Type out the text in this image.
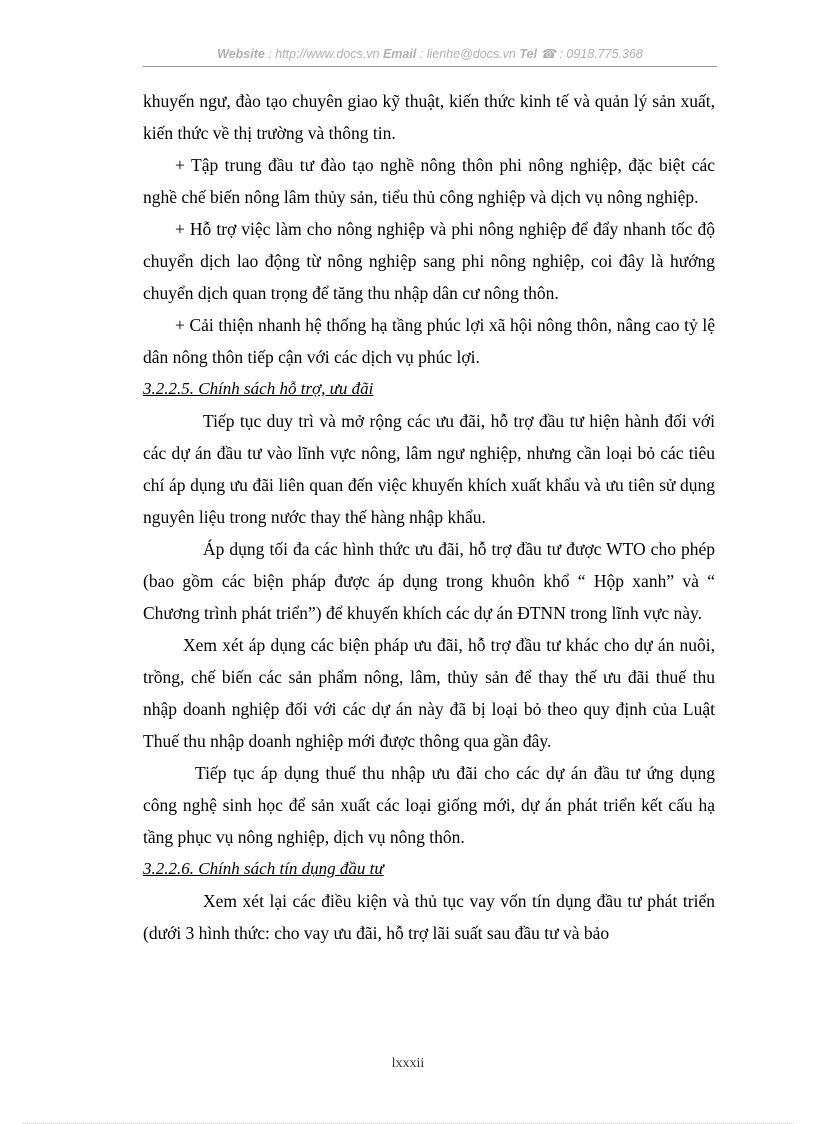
Website : http://www.docs.vn Email : lienhe@docs.vn Tel ☎ : 0918.775.368

khuyến ngư, đào tạo chuyên giao kỹ thuật, kiến thức kinh tế và quản lý sản xuất, kiến thức về thị trường và thông tin.

+ Tập trung đầu tư đào tạo nghề nông thôn phi nông nghiệp, đặc biệt các nghề chế biến nông lâm thủy sản, tiểu thủ công nghiệp và dịch vụ nông nghiệp.

+ Hỗ trợ việc làm cho nông nghiệp và phi nông nghiệp để đẩy nhanh tốc độ chuyển dịch lao động từ nông nghiệp sang phi nông nghiệp, coi đây là hướng chuyển dịch quan trọng để tăng thu nhập dân cư nông thôn.

+ Cải thiện nhanh hệ thống hạ tầng phúc lợi xã hội nông thôn, nâng cao tỷ lệ dân nông thôn tiếp cận với các dịch vụ phúc lợi.

3.2.2.5. Chính sách hỗ trợ, ưu đãi

Tiếp tục duy trì và mở rộng các ưu đãi, hỗ trợ đầu tư hiện hành đối với các dự án đầu tư vào lĩnh vực nông, lâm ngư nghiệp, nhưng cần loại bỏ các tiêu chí áp dụng ưu đãi liên quan đến việc khuyến khích xuất khẩu và ưu tiên sử dụng nguyên liệu trong nước thay thế hàng nhập khẩu.

Áp dụng tối đa các hình thức ưu đãi, hỗ trợ đầu tư được WTO cho phép (bao gồm các biện pháp được áp dụng trong khuôn khổ “ Hộp xanh” và “ Chương trình phát triển”) để khuyến khích các dự án ĐTNN trong lĩnh vực này.

Xem xét áp dụng các biện pháp ưu đãi, hỗ trợ đầu tư khác cho dự án nuôi, trồng, chế biến các sản phẩm nông, lâm, thủy sản để thay thế ưu đãi thuế thu nhập doanh nghiệp đối với các dự án này đã bị loại bỏ theo quy định của Luật Thuế thu nhập doanh nghiệp mới được thông qua gần đây.

Tiếp tục áp dụng thuế thu nhập ưu đãi cho các dự án đầu tư ứng dụng công nghệ sinh học để sản xuất các loại giống mới, dự án phát triển kết cấu hạ tầng phục vụ nông nghiệp, dịch vụ nông thôn.

3.2.2.6. Chính sách tín dụng đầu tư

Xem xét lại các điều kiện và thủ tục vay vốn tín dụng đầu tư phát triển (dưới 3 hình thức: cho vay ưu đãi, hỗ trợ lãi suất sau đầu tư và bảo

lxxxii
